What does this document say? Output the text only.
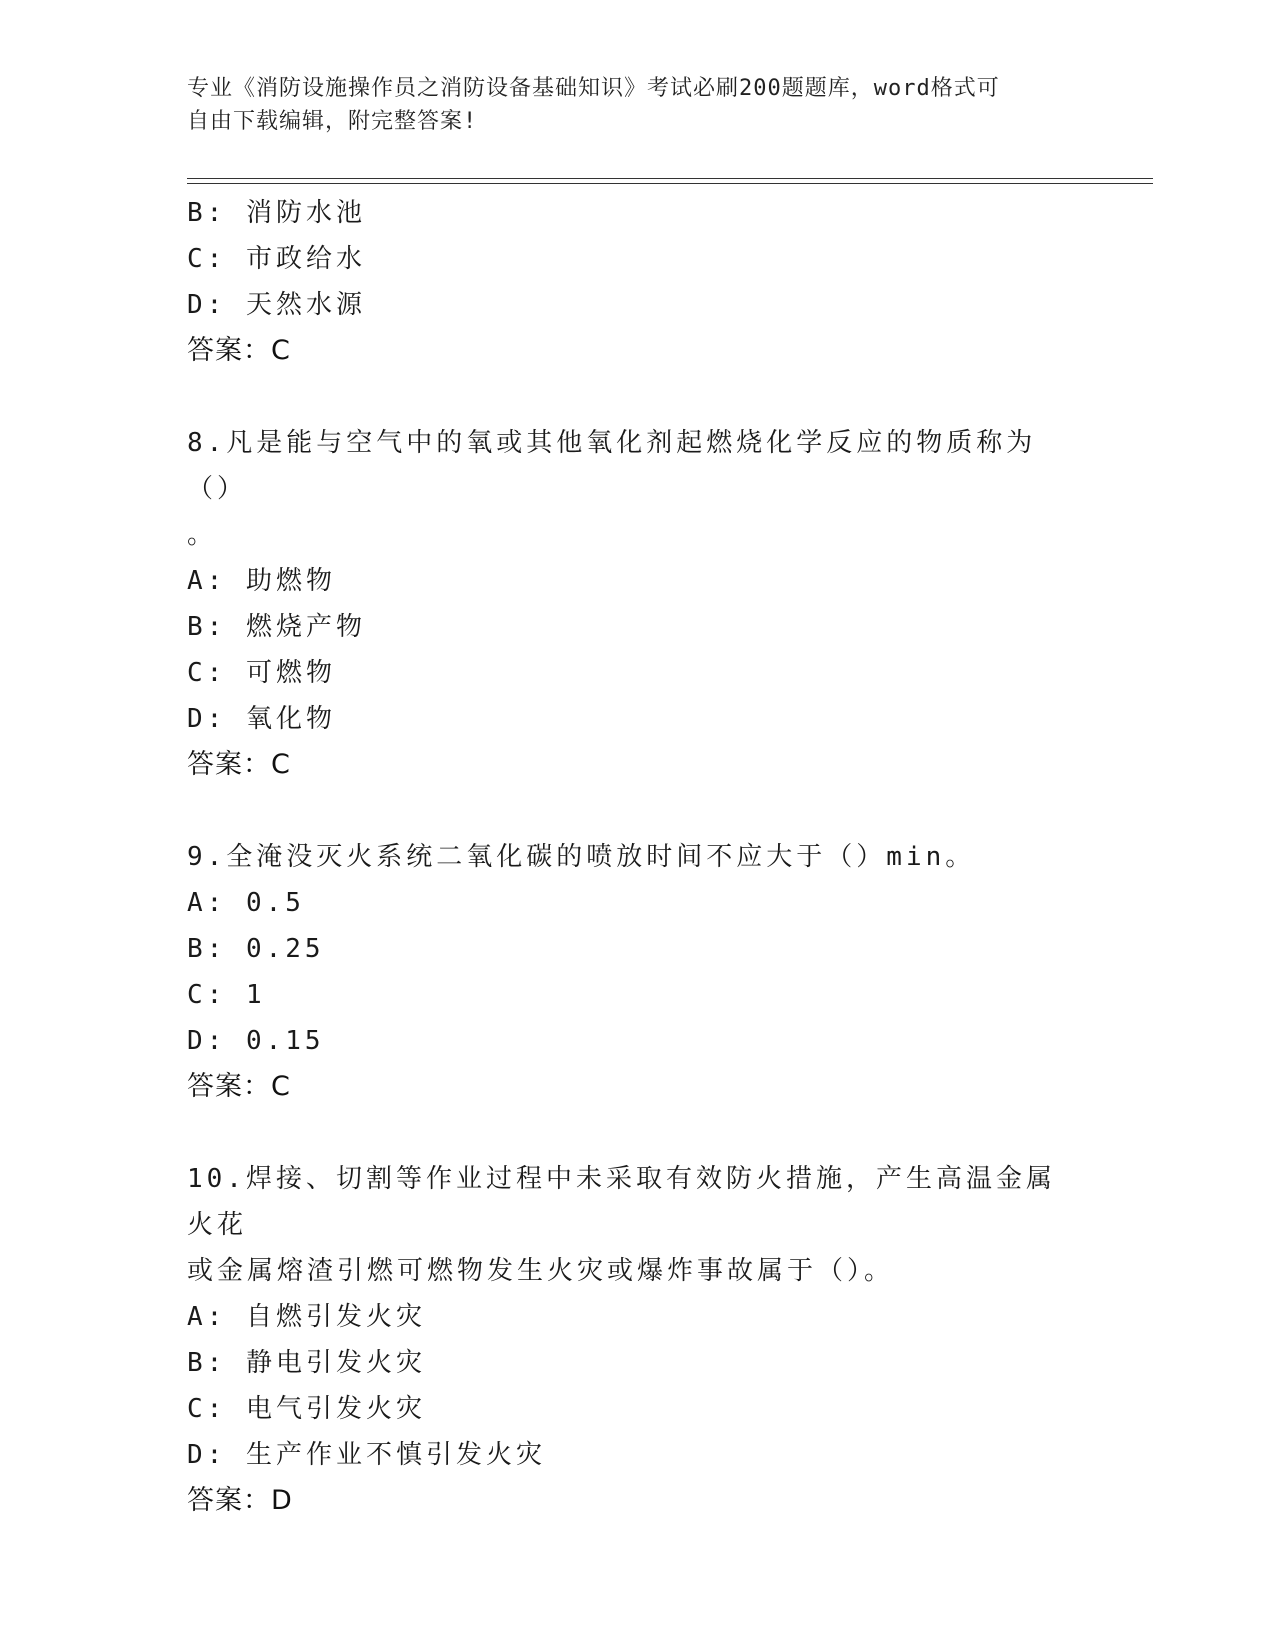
专业《消防设施操作员之消防设备基础知识》考试必刷200题题库，word格式可
自由下载编辑，附完整答案!
B: 消防水池
C: 市政给水
D: 天然水源
答案：C
8.凡是能与空气中的氧或其他氧化剂起燃烧化学反应的物质称为（）
。
A: 助燃物
B: 燃烧产物
C: 可燃物
D: 氧化物
答案：C
9.全淹没灭火系统二氧化碳的喷放时间不应大于（）min。
A: 0.5
B: 0.25
C: 1
D: 0.15
答案：C
10.焊接、切割等作业过程中未采取有效防火措施，产生高温金属火花
或金属熔渣引燃可燃物发生火灾或爆炸事故属于（）。
A: 自燃引发火灾
B: 静电引发火灾
C: 电气引发火灾
D: 生产作业不慎引发火灾
答案：D
